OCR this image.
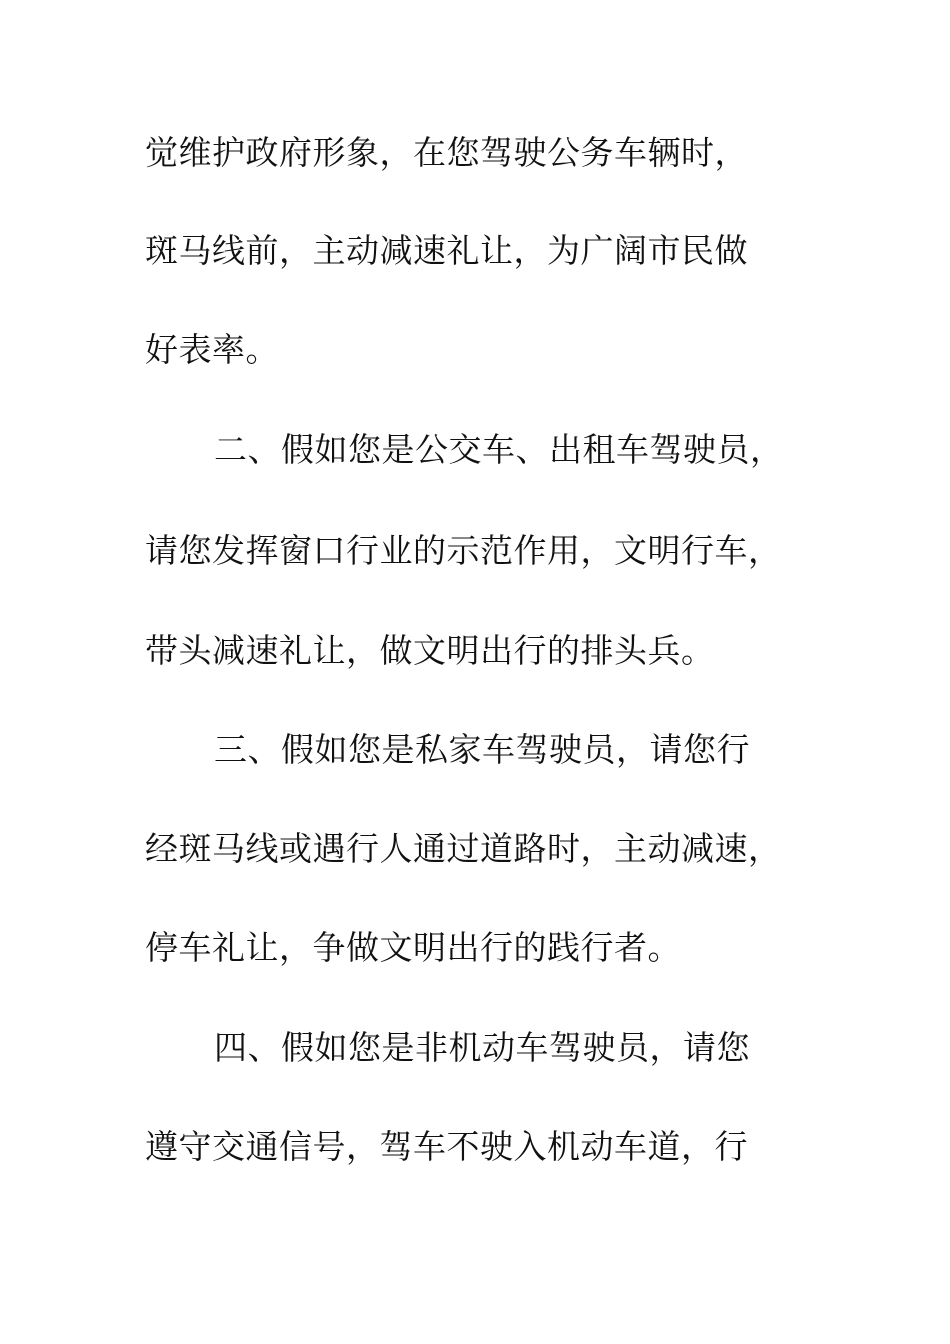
觉维护政府形象，在您驾驶公务车辆时，
斑马线前，主动减速礼让，为广阔市民做
好表率。
二、假如您是公交车、出租车驾驶员，
请您发挥窗口行业的示范作用，文明行车，
带头减速礼让，做文明出行的排头兵。
三、假如您是私家车驾驶员，请您行
经斑马线或遇行人通过道路时，主动减速，
停车礼让，争做文明出行的践行者。
四、假如您是非机动车驾驶员，请您
遵守交通信号，驾车不驶入机动车道，行
